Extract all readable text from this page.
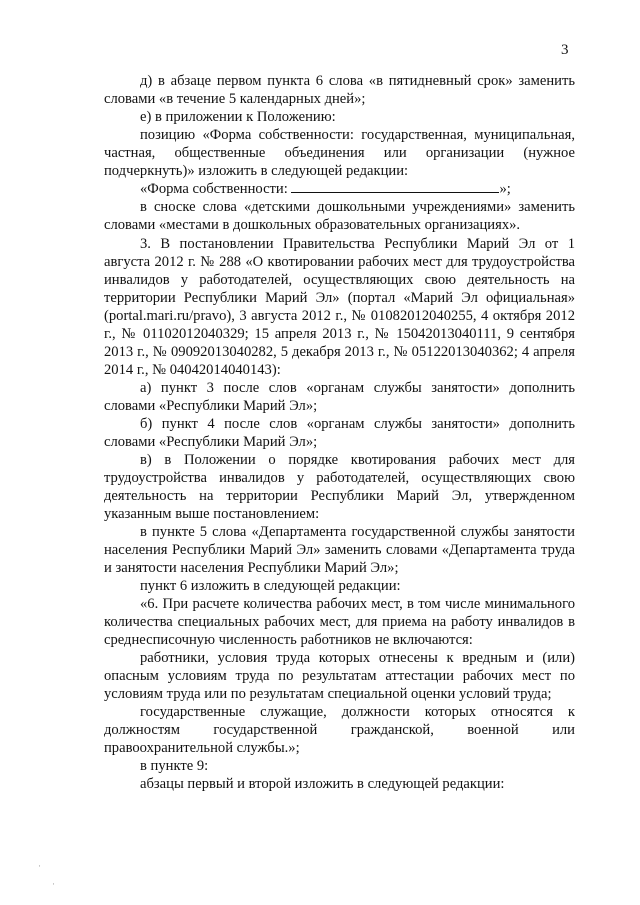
3

д) в абзаце первом пункта 6 слова «в пятидневный срок» заменить словами «в течение 5 календарных дней»;

е) в приложении к Положению:

позицию «Форма собственности: государственная, муниципальная, частная, общественные объединения или организации (нужное подчеркнуть)» изложить в следующей редакции:

«Форма собственности:	»;

в сноске слова «детскими дошкольными учреждениями» заменить словами «местами в дошкольных образовательных организациях».

3. В постановлении Правительства Республики Марий Эл от 1 августа 2012 г. № 288 «О квотировании рабочих мест для трудоустройства инвалидов у работодателей, осуществляющих свою деятельность на территории Республики Марий Эл» (портал «Марий Эл официальная» (portal.mari.ru/pravo), 3 августа 2012 г., № 01082012040255, 4 октября 2012 г., № 01102012040329; 15 апреля 2013 г., № 15042013040111, 9 сентября 2013 г., № 09092013040282, 5 декабря 2013 г., № 05122013040362; 4 апреля 2014 г., № 04042014040143):

а) пункт 3 после слов «органам службы занятости» дополнить словами «Республики Марий Эл»;

б) пункт 4 после слов «органам службы занятости» дополнить словами «Республики Марий Эл»;

в) в Положении о порядке квотирования рабочих мест для трудоустройства инвалидов у работодателей, осуществляющих свою деятельность на территории Республики Марий Эл, утвержденном указанным выше постановлением:

в пункте 5 слова «Департамента государственной службы занятости населения Республики Марий Эл» заменить словами «Департамента труда и занятости населения Республики Марий Эл»;

пункт 6 изложить в следующей редакции:

«6. При расчете количества рабочих мест, в том числе минимального количества специальных рабочих мест, для приема на работу инвалидов в среднесписочную численность работников не включаются:

работники, условия труда которых отнесены к вредным и (или) опасным условиям труда по результатам аттестации рабочих мест по условиям труда или по результатам специальной оценки условий труда;

государственные служащие, должности которых относятся к должностям государственной гражданской, военной или правоохранительной службы.»;

в пункте 9:

абзацы первый и второй изложить в следующей редакции:

·
·
